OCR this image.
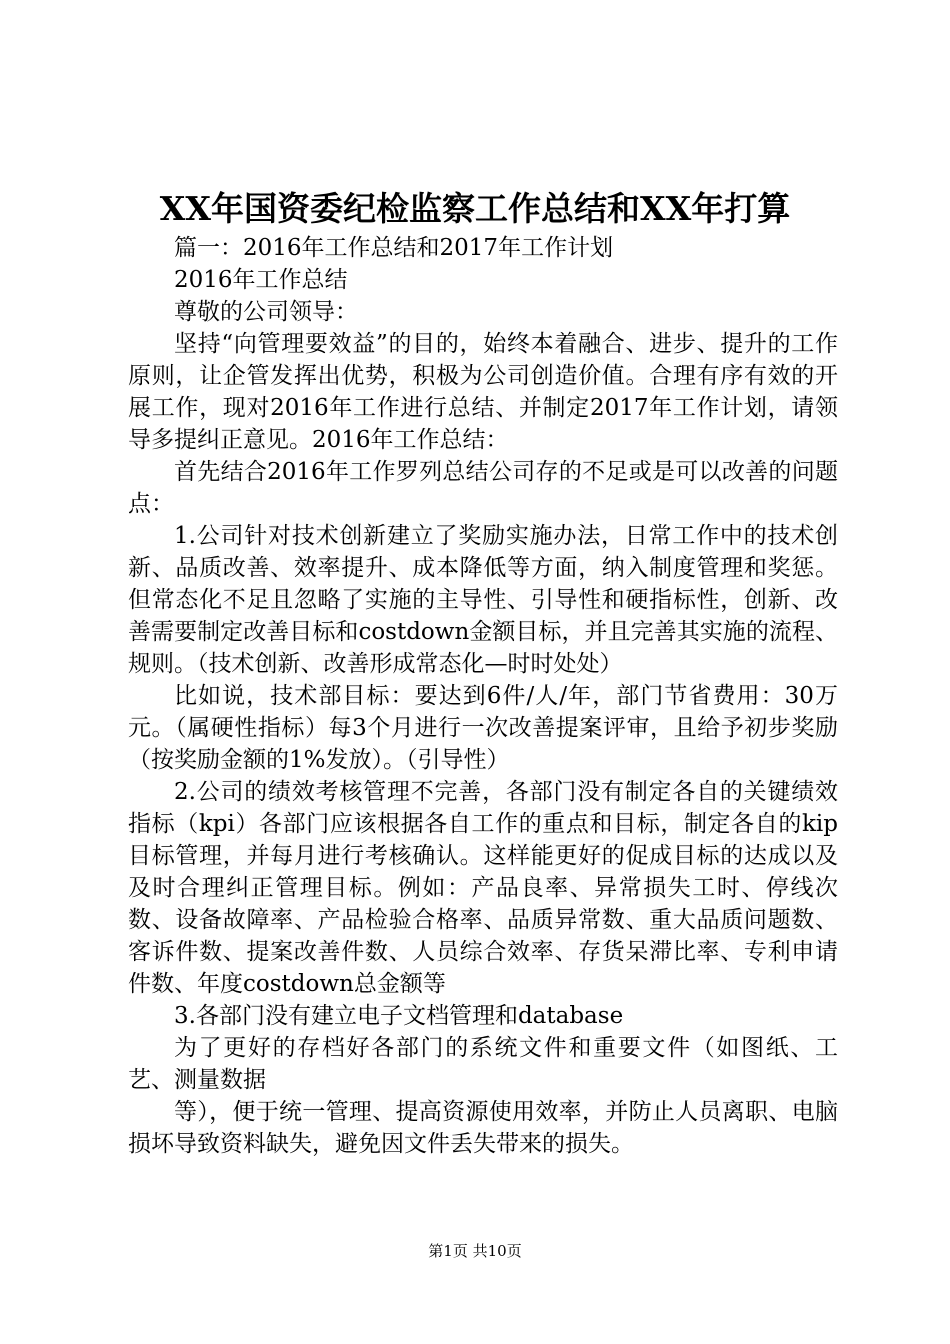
XX年国资委纪检监察工作总结和XX年打算

篇一：2016年工作总结和2017年工作计划

2016年工作总结

尊敬的公司领导：

坚持“向管理要效益”的目的，始终本着融合、进步、提升的工作原则，让企管发挥出优势，积极为公司创造价值。合理有序有效的开展工作，现对2016年工作进行总结、并制定2017年工作计划，请领导多提纠正意见。2016年工作总结：

首先结合2016年工作罗列总结公司存的不足或是可以改善的问题点：

1.公司针对技术创新建立了奖励实施办法，日常工作中的技术创新、品质改善、效率提升、成本降低等方面，纳入制度管理和奖惩。但常态化不足且忽略了实施的主导性、引导性和硬指标性，创新、改善需要制定改善目标和costdown金额目标，并且完善其实施的流程、规则。（技术创新、改善形成常态化—时时处处）

比如说，技术部目标：要达到6件/人/年，部门节省费用：30万元。（属硬性指标）每3个月进行一次改善提案评审，且给予初步奖励（按奖励金额的1%发放）。（引导性）

2.公司的绩效考核管理不完善，各部门没有制定各自的关键绩效指标（kpi）各部门应该根据各自工作的重点和目标，制定各自的kip目标管理，并每月进行考核确认。这样能更好的促成目标的达成以及及时合理纠正管理目标。例如：产品良率、异常损失工时、停线次数、设备故障率、产品检验合格率、品质异常数、重大品质问题数、客诉件数、提案改善件数、人员综合效率、存货呆滞比率、专利申请件数、年度costdown总金额等

3.各部门没有建立电子文档管理和database

为了更好的存档好各部门的系统文件和重要文件（如图纸、工艺、测量数据

等），便于统一管理、提高资源使用效率，并防止人员离职、电脑损坏导致资料缺失，避免因文件丢失带来的损失。

第1页 共10页
